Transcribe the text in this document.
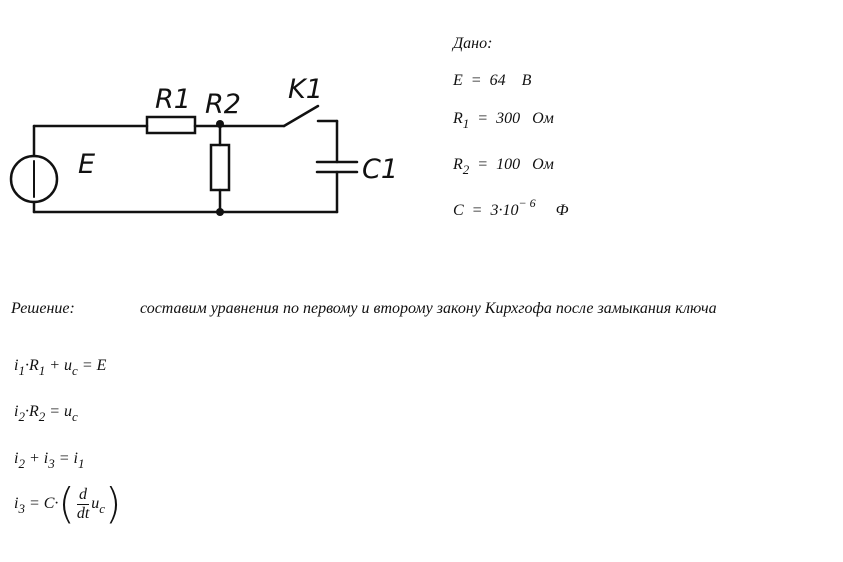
E
R1 R2 K1
C1
Дано:
E = 64 В
$R_1 = 300$ Ом
$R_2 = 100$ Ом
$C = 3\cdot 10^{- 6}$ Ф
Решение:	составим уравнения по первому и второму закону Кирхгофа после замыкания ключа
$i_1\cdot R_1 + u_c = E$
$i_2\cdot R_2 = u_c$
$i_2 + i_3 = i_1$
$i_3 = C\cdot( \frac{d}{dt} u_c)$
